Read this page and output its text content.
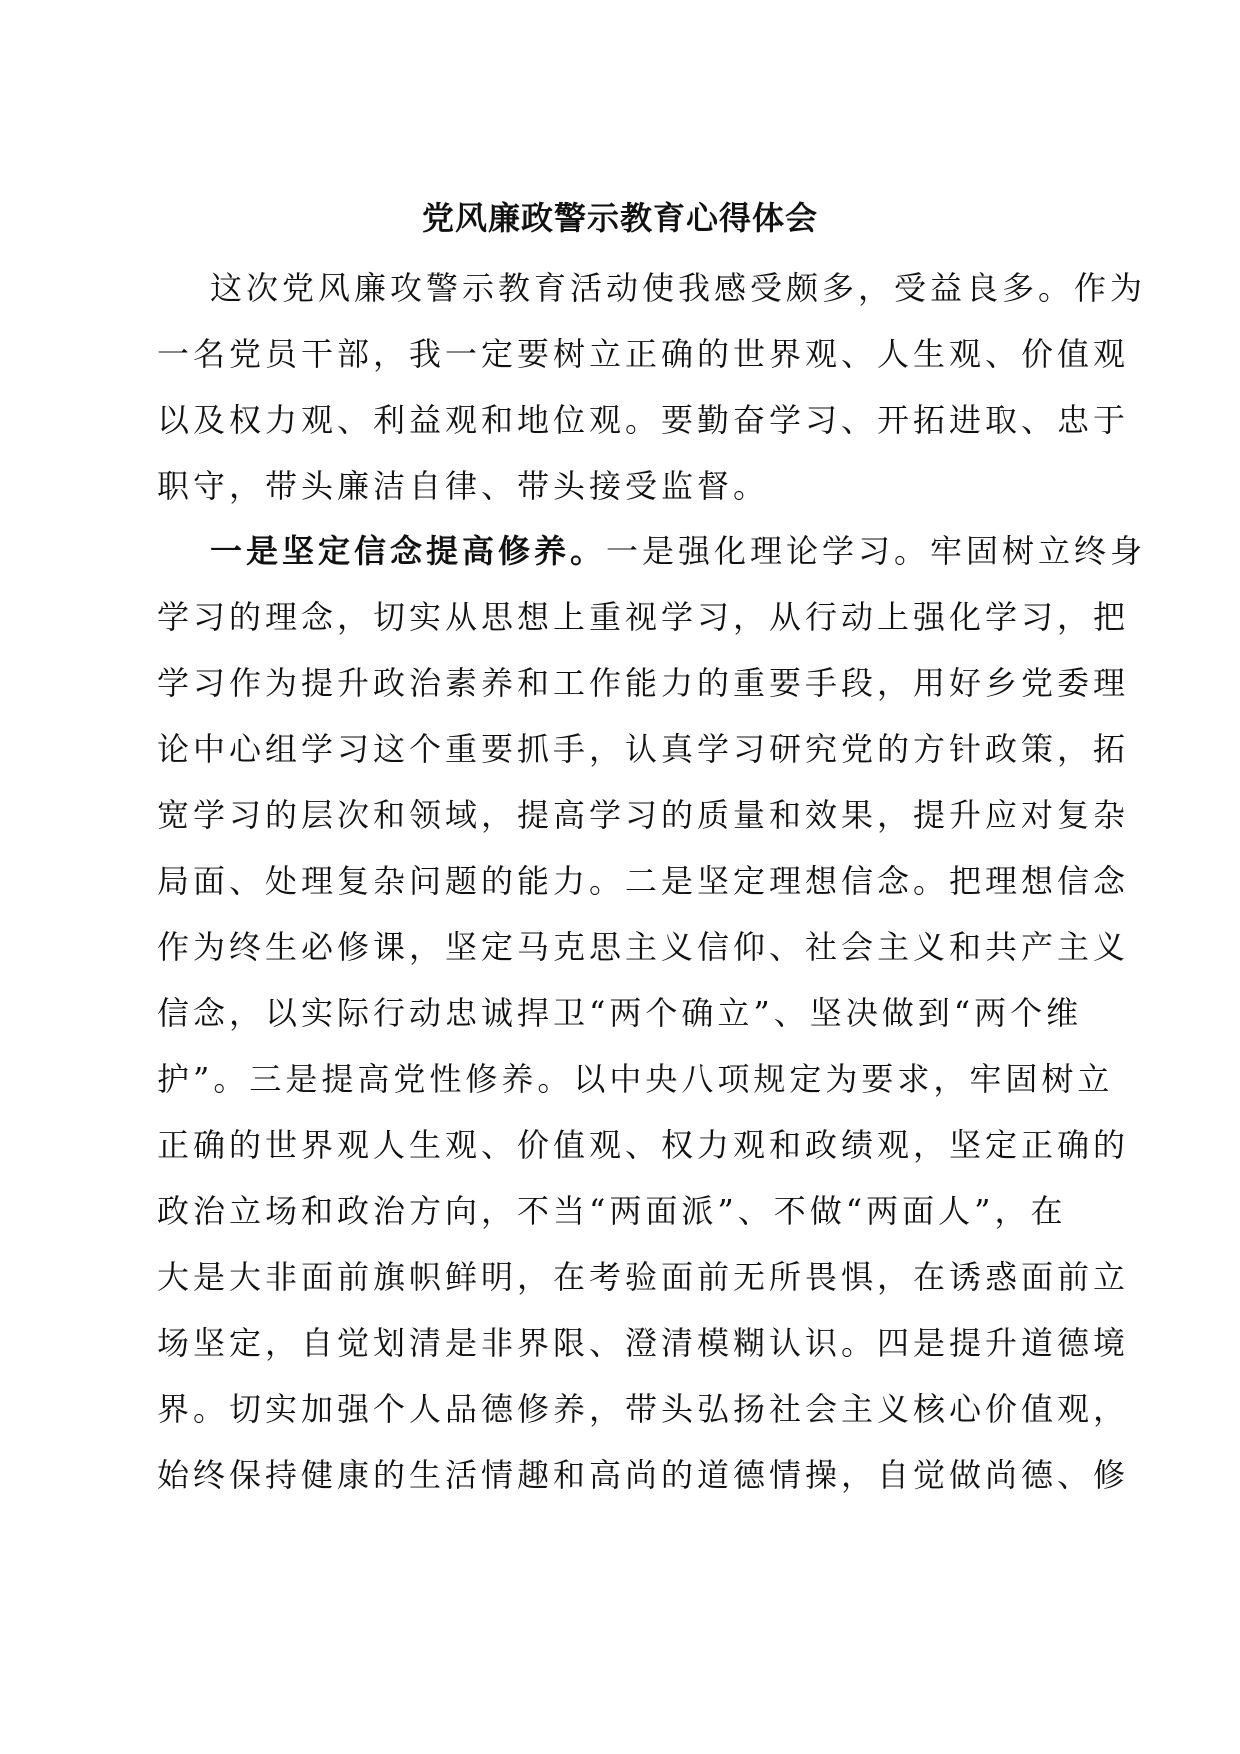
党风廉政警示教育心得体会
这次党风廉攻警示教育活动使我感受颇多，受益良多。作为
一名党员干部，我一定要树立正确的世界观、人生观、价值观
以及权力观、利益观和地位观。要勤奋学习、开拓进取、忠于
职守，带头廉洁自律、带头接受监督。
一是坚定信念提高修养。一是强化理论学习。牢固树立终身
学习的理念，切实从思想上重视学习，从行动上强化学习，把
学习作为提升政治素养和工作能力的重要手段，用好乡党委理
论中心组学习这个重要抓手，认真学习研究党的方针政策，拓
宽学习的层次和领域，提高学习的质量和效果，提升应对复杂
局面、处理复杂问题的能力。二是坚定理想信念。把理想信念
作为终生必修课，坚定马克思主义信仰、社会主义和共产主义
信念，以实际行动忠诚捍卫“两个确立”、坚决做到“两个维
护”。三是提高党性修养。以中央八项规定为要求，牢固树立
正确的世界观人生观、价值观、权力观和政绩观，坚定正确的
政治立场和政治方向，不当“两面派”、不做“两面人”，在
大是大非面前旗帜鲜明，在考验面前无所畏惧，在诱惑面前立
场坚定，自觉划清是非界限、澄清模糊认识。四是提升道德境
界。切实加强个人品德修养，带头弘扬社会主义核心价值观，
始终保持健康的生活情趣和高尚的道德情操，自觉做尚德、修
